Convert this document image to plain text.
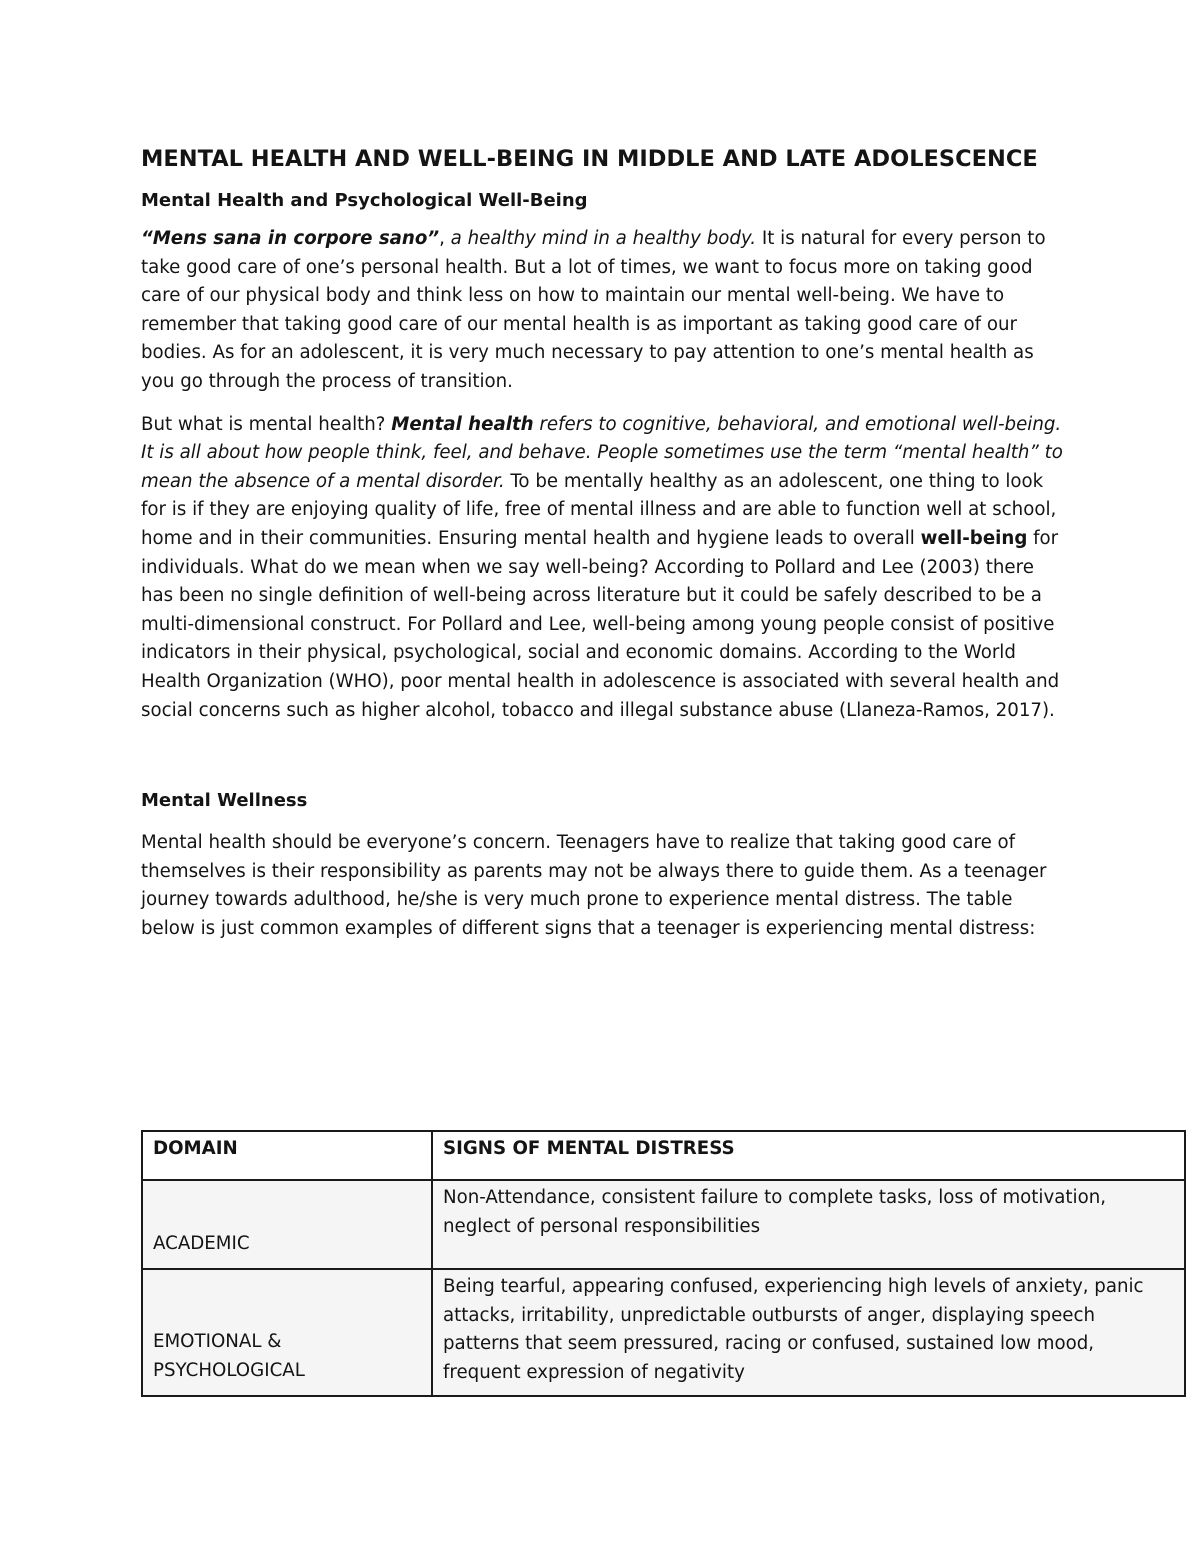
MENTAL HEALTH AND WELL-BEING IN MIDDLE AND LATE ADOLESCENCE
Mental Health and Psychological Well-Being

“Mens sana in corpore sano”, a healthy mind in a healthy body. It is natural for every person to take good care of one’s personal health. But a lot of times, we want to focus more on taking good care of our physical body and think less on how to maintain our mental well-being. We have to remember that taking good care of our mental health is as important as taking good care of our bodies. As for an adolescent, it is very much necessary to pay attention to one’s mental health as you go through the process of transition.

But what is mental health? Mental health refers to cognitive, behavioral, and emotional well-being. It is all about how people think, feel, and behave. People sometimes use the term “mental health” to mean the absence of a mental disorder. To be mentally healthy as an adolescent, one thing to look for is if they are enjoying quality of life, free of mental illness and are able to function well at school, home and in their communities. Ensuring mental health and hygiene leads to overall well-being for individuals. What do we mean when we say well-being? According to Pollard and Lee (2003) there has been no single definition of well-being across literature but it could be safely described to be a multi-dimensional construct. For Pollard and Lee, well-being among young people consist of positive indicators in their physical, psychological, social and economic domains. According to the World Health Organization (WHO), poor mental health in adolescence is associated with several health and social concerns such as higher alcohol, tobacco and illegal substance abuse (Llaneza-Ramos, 2017).

Mental Wellness

Mental health should be everyone’s concern. Teenagers have to realize that taking good care of themselves is their responsibility as parents may not be always there to guide them. As a teenager journey towards adulthood, he/she is very much prone to experience mental distress. The table below is just common examples of different signs that a teenager is experiencing mental distress:

DOMAIN	SIGNS OF MENTAL DISTRESS
ACADEMIC	Non-Attendance, consistent failure to complete tasks, loss of motivation, neglect of personal responsibilities
EMOTIONAL &
PSYCHOLOGICAL	Being tearful, appearing confused, experiencing high levels of anxiety, panic attacks, irritability, unpredictable outbursts of anger, displaying speech patterns that seem pressured, racing or confused, sustained low mood, frequent expression of negativity
